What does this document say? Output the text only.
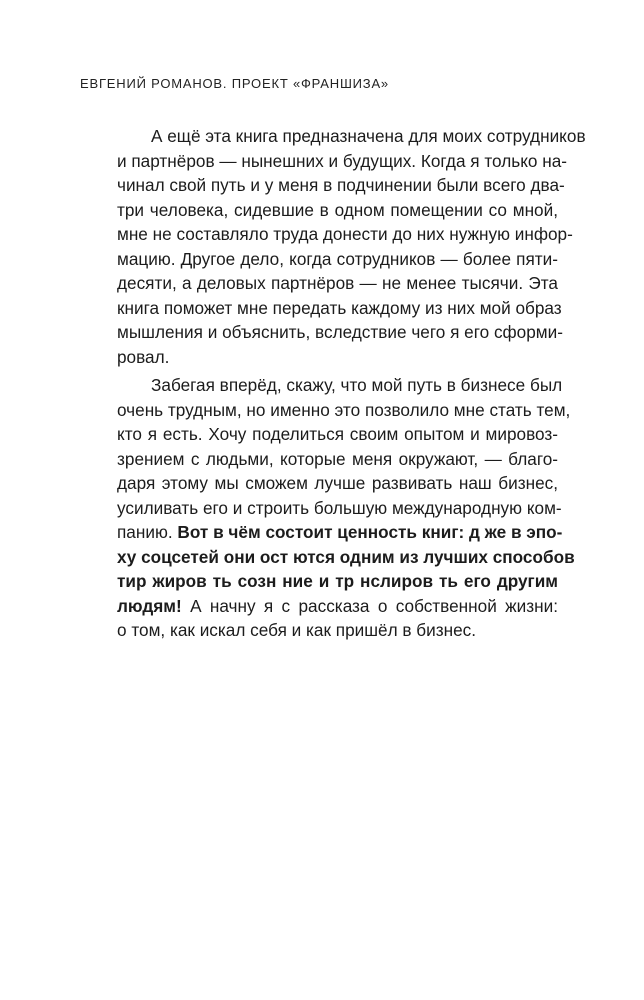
ЕВГЕНИЙ РОМАНОВ. ПРОЕКТ «ФРАНШИЗА»
А ещё эта книга предназначена для моих сотрудников
и партнёров — нынешних и будущих. Когда я только на-
чинал свой путь и у меня в подчинении были всего два-
три человека, сидевшие в одном помещении со мной,
мне не составляло труда донести до них нужную инфор-
мацию. Другое дело, когда сотрудников — более пяти-
десяти, а деловых партнёров — не менее тысячи. Эта
книга поможет мне передать каждому из них мой образ
мышления и объяснить, вследствие чего я его сформи-
ровал.
Забегая вперёд, скажу, что мой путь в бизнесе был
очень трудным, но именно это позволило мне стать тем,
кто я есть. Хочу поделиться своим опытом и мировоз-
зрением с людьми, которые меня окружают, — благо-
даря этому мы сможем лучше развивать наш бизнес,
усиливать его и строить большую международную ком-
панию. Вот в чём состоит ценность книг: д же в эпо-
ху соцсетей они ост ются одним из лучших способов
тир жиров ть созн ние и тр нслиров ть его другим
людям! А начну я с рассказа о собственной жизни:
о том, как искал себя и как пришёл в бизнес.
